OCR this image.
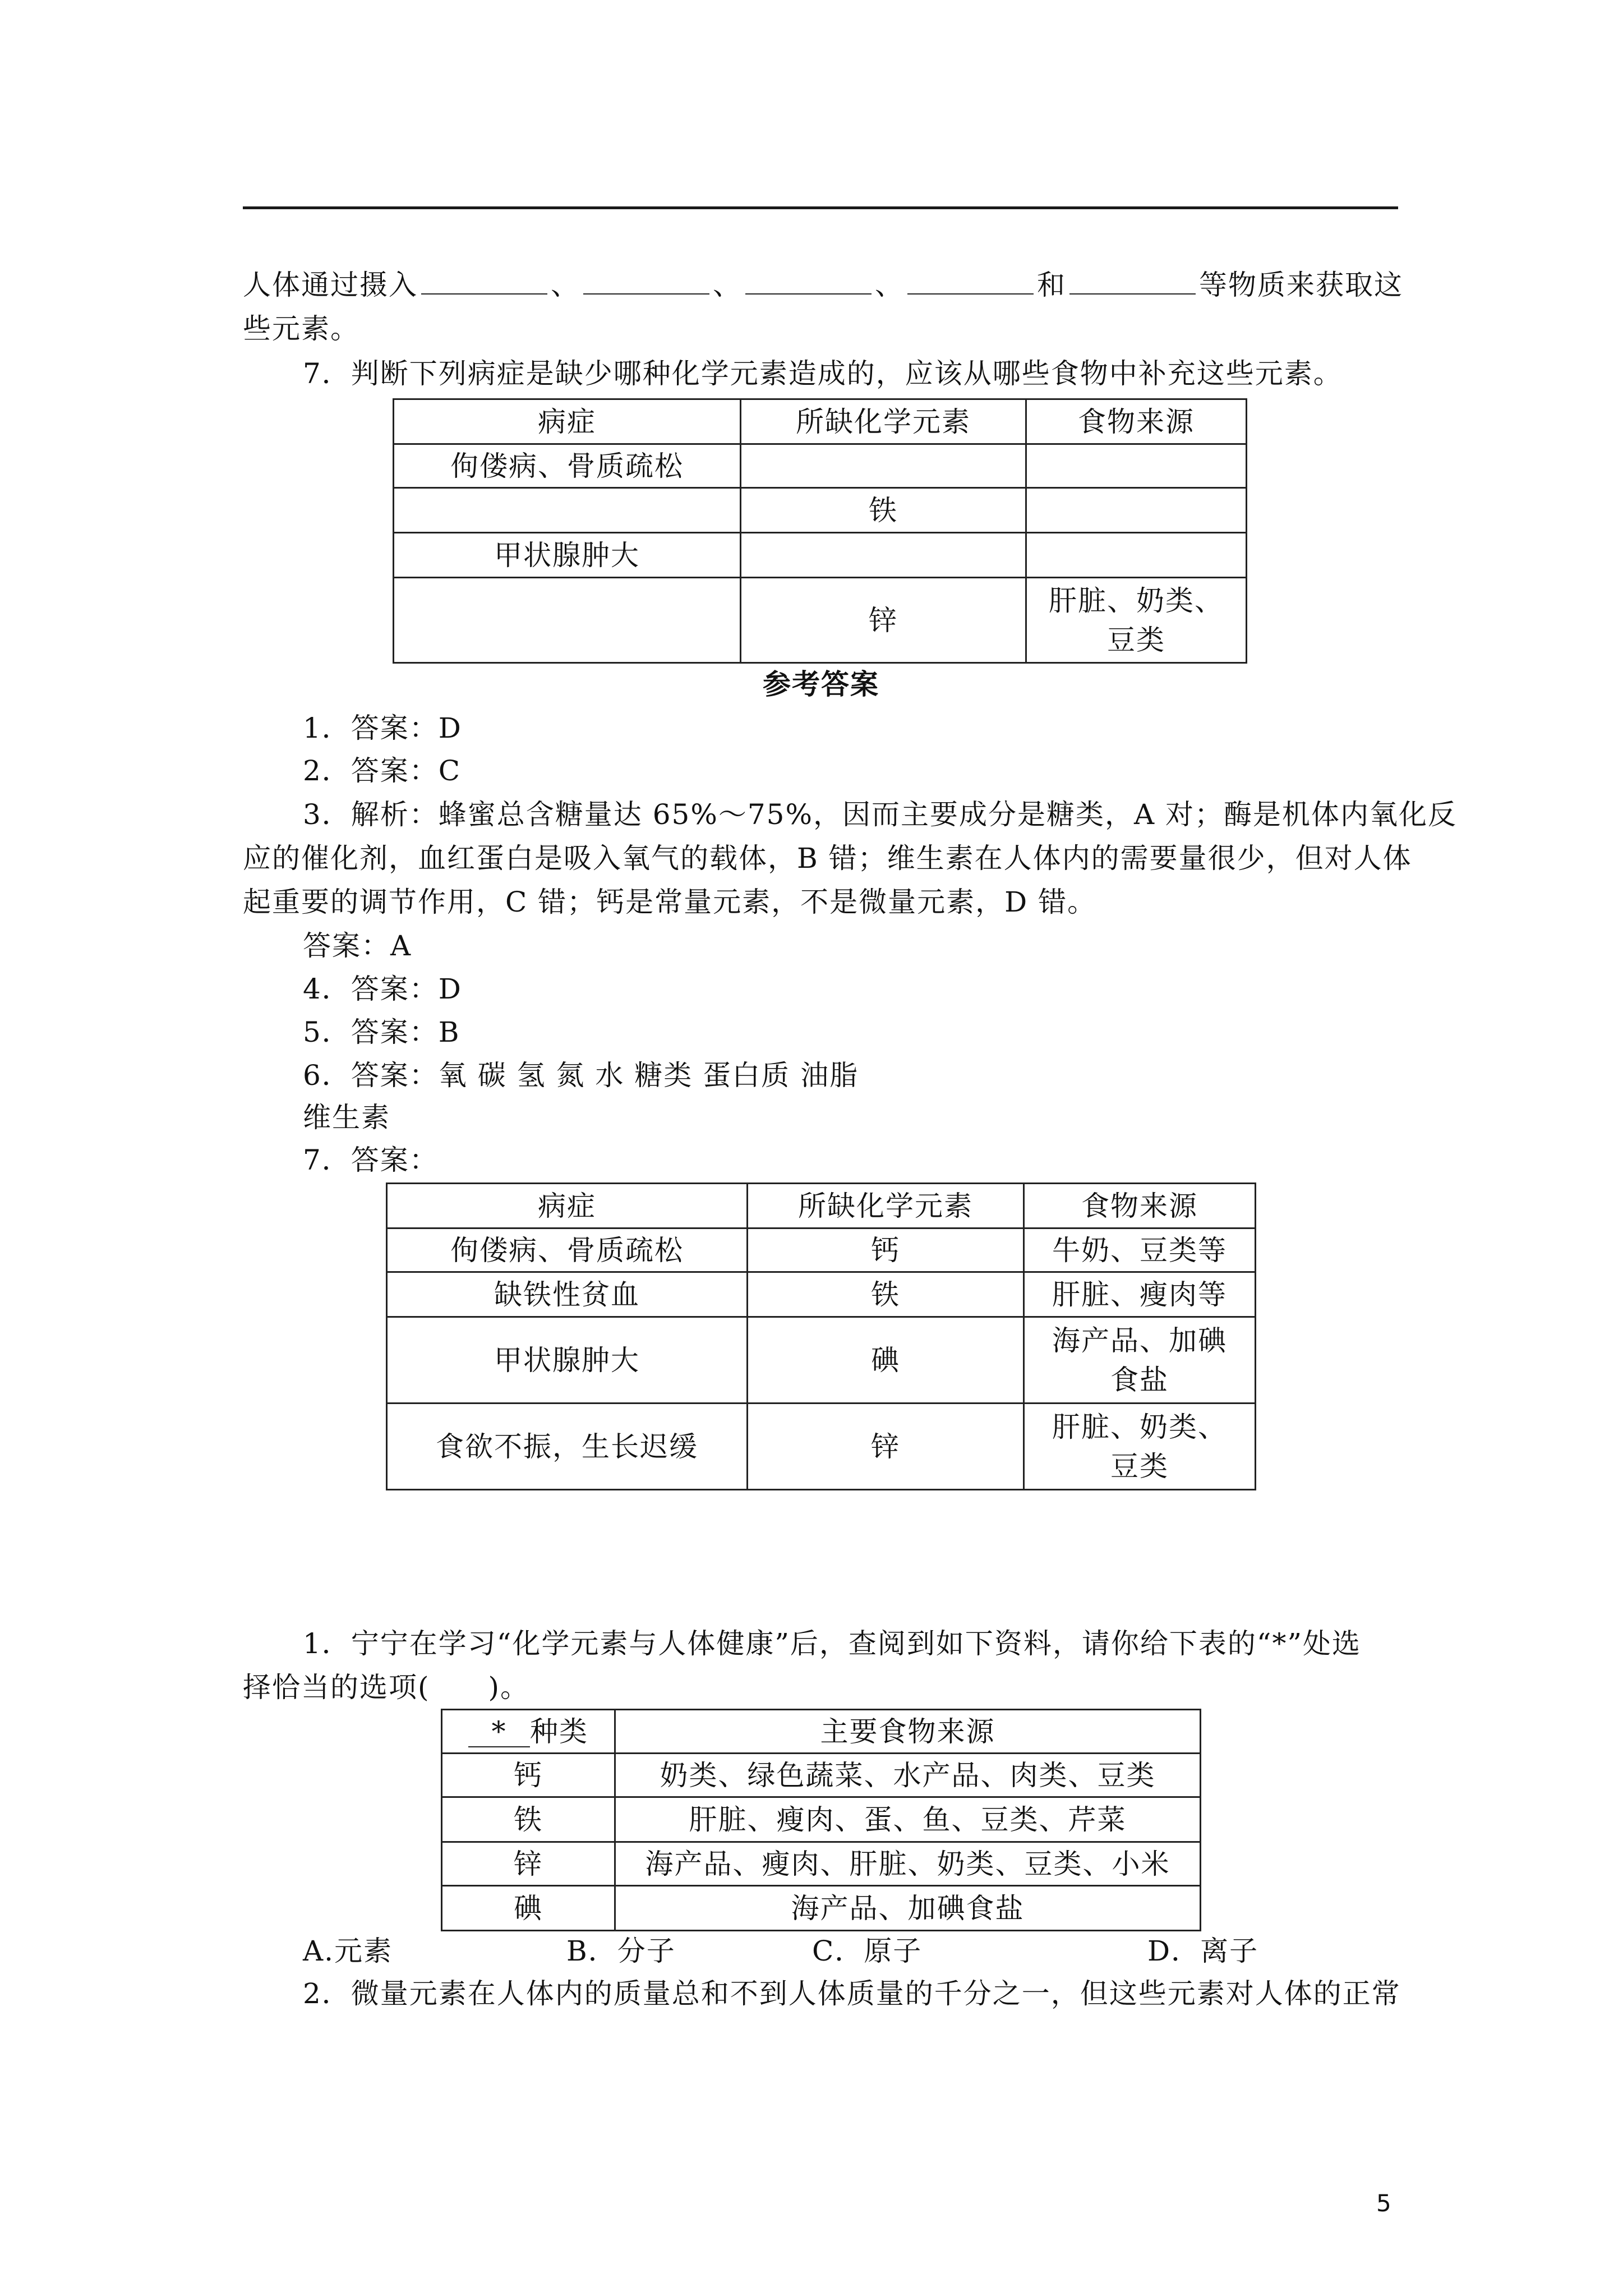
人体通过摄入	、	、	、	和	等物质来获取这
些元素。
7．判断下列病症是缺少哪种化学元素造成的，应该从哪些食物中补充这些元素。
病症	所缺化学元素	食物来源
佝偻病、骨质疏松		
	铁	
甲状腺肿大		
	锌	肝脏、奶类、豆类
参考答案
1．答案：D
2．答案：C
3．解析：蜂蜜总含糖量达 65%～75%，因而主要成分是糖类，A 对；酶是机体内氧化反
应的催化剂，血红蛋白是吸入氧气的载体，B 错；维生素在人体内的需要量很少，但对人体
起重要的调节作用，C 错；钙是常量元素，不是微量元素，D 错。
答案：A
4．答案：D
5．答案：B
6．答案：氧 碳 氢 氮 水 糖类 蛋白质 油脂
维生素
7．答案：
病症	所缺化学元素	食物来源
佝偻病、骨质疏松	钙	牛奶、豆类等
缺铁性贫血	铁	肝脏、瘦肉等
甲状腺肿大	碘	海产品、加碘食盐
食欲不振，生长迟缓	锌	肝脏、奶类、豆类
1．宁宁在学习“化学元素与人体健康”后，查阅到如下资料，请你给下表的“*”处选
择恰当的选项(　　)。
* 种类	主要食物来源
钙	奶类、绿色蔬菜、水产品、肉类、豆类
铁	肝脏、瘦肉、蛋、鱼、豆类、芹菜
锌	海产品、瘦肉、肝脏、奶类、豆类、小米
碘	海产品、加碘食盐
A.元素	B．分子	C．原子	D．离子
2．微量元素在人体内的质量总和不到人体质量的千分之一，但这些元素对人体的正常
5
